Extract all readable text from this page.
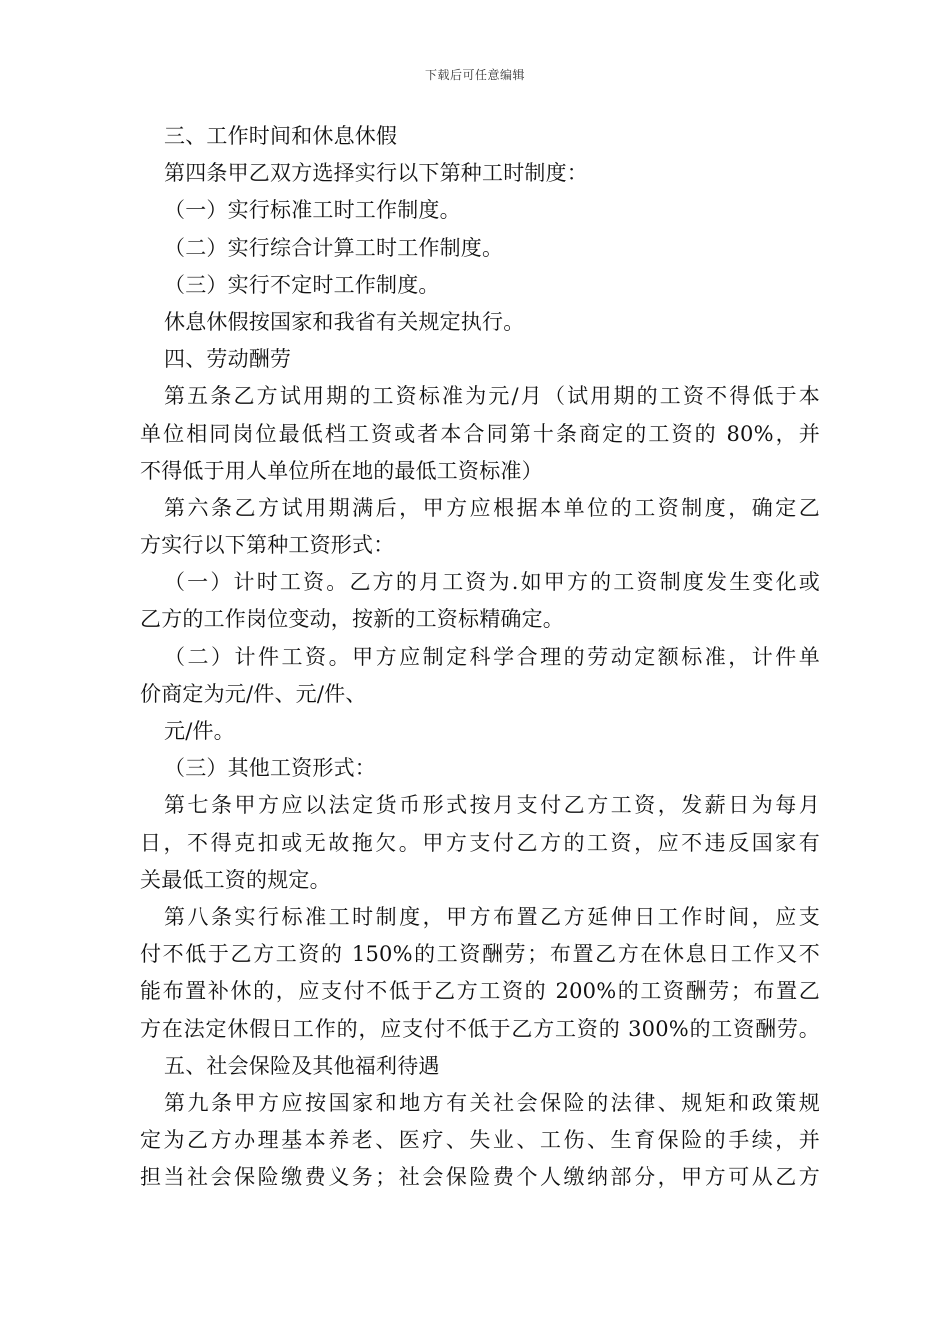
下载后可任意编辑
三、工作时间和休息休假
第四条甲乙双方选择实行以下第种工时制度：
（一）实行标准工时工作制度。
（二）实行综合计算工时工作制度。
（三）实行不定时工作制度。
休息休假按国家和我省有关规定执行。
四、劳动酬劳
第五条乙方试用期的工资标准为元/月（试用期的工资不得低于本
单位相同岗位最低档工资或者本合同第十条商定的工资的 80%，并
不得低于用人单位所在地的最低工资标准）
第六条乙方试用期满后，甲方应根据本单位的工资制度，确定乙
方实行以下第种工资形式：
（一）计时工资。乙方的月工资为.如甲方的工资制度发生变化或
乙方的工作岗位变动，按新的工资标精确定。
（二）计件工资。甲方应制定科学合理的劳动定额标准，计件单
价商定为元/件、元/件、
元/件。
（三）其他工资形式：
第七条甲方应以法定货币形式按月支付乙方工资，发薪日为每月
日，不得克扣或无故拖欠。甲方支付乙方的工资，应不违反国家有
关最低工资的规定。
第八条实行标准工时制度，甲方布置乙方延伸日工作时间，应支
付不低于乙方工资的 150%的工资酬劳；布置乙方在休息日工作又不
能布置补休的，应支付不低于乙方工资的 200%的工资酬劳；布置乙
方在法定休假日工作的，应支付不低于乙方工资的 300%的工资酬劳。
五、社会保险及其他福利待遇
第九条甲方应按国家和地方有关社会保险的法律、规矩和政策规
定为乙方办理基本养老、医疗、失业、工伤、生育保险的手续，并
担当社会保险缴费义务；社会保险费个人缴纳部分，甲方可从乙方
